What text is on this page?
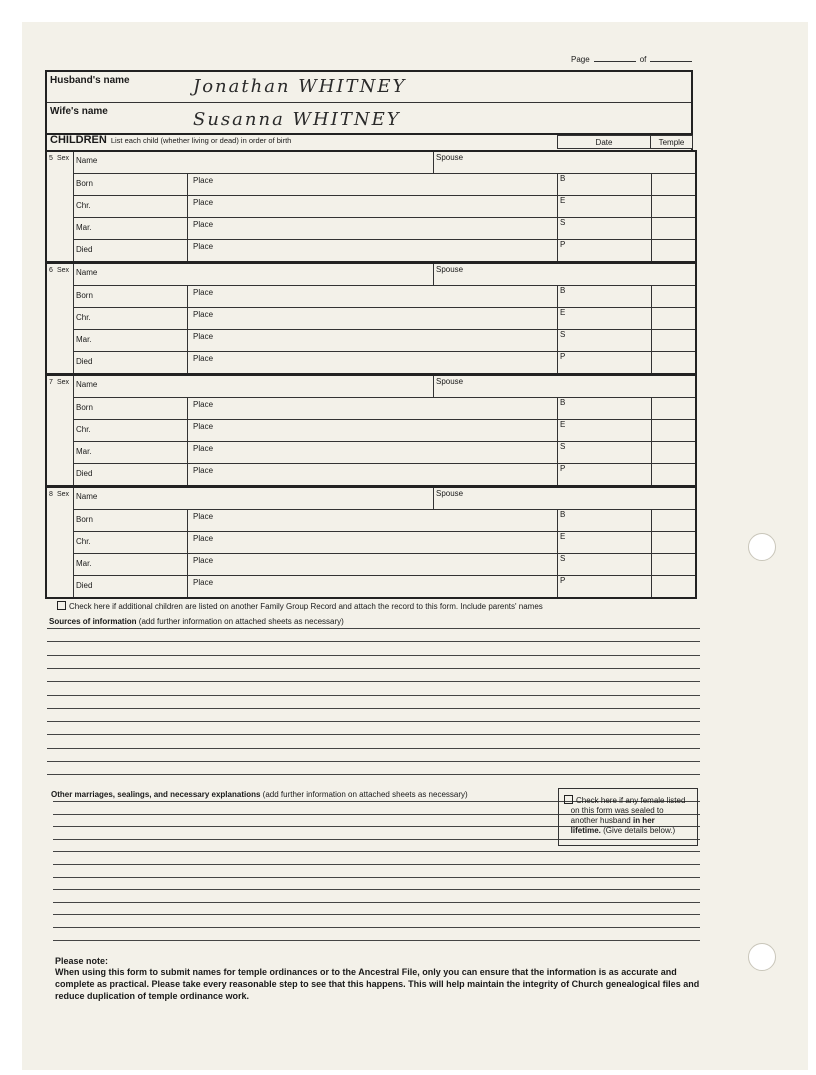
Page	of
Husband's name	Jonathan WHITNEY
Wife's name	Susanna WHITNEY
CHILDREN List each child (whether living or dead) in order of birth	Date	Temple
5 Sex Name	Spouse
Born	Place	B
Chr.	Place	E
Mar.	Place	S
Died	Place	P
6 Sex Name	Spouse
Born	Place	B
Chr.	Place	E
Mar.	Place	S
Died	Place	P
7 Sex Name	Spouse
Born	Place	B
Chr.	Place	E
Mar.	Place	S
Died	Place	P
8 Sex Name	Spouse
Born	Place	B
Chr.	Place	E
Mar.	Place	S
Died	Place	P
Check here if additional children are listed on another Family Group Record and attach the record to this form. Include parents' names
Sources of information (add further information on attached sheets as necessary)
Other marriages, sealings, and necessary explanations (add further information on attached sheets as necessary)
Check here if any female listed
on this form was sealed to
another husband in her
lifetime. (Give details below.)
Please note:
When using this form to submit names for temple ordinances or to the Ancestral File, only you can ensure that the information is as accurate and complete as practical. Please take every reasonable step to see that this happens. This will help maintain the integrity of Church genealogical files and reduce duplication of temple ordinance work.
